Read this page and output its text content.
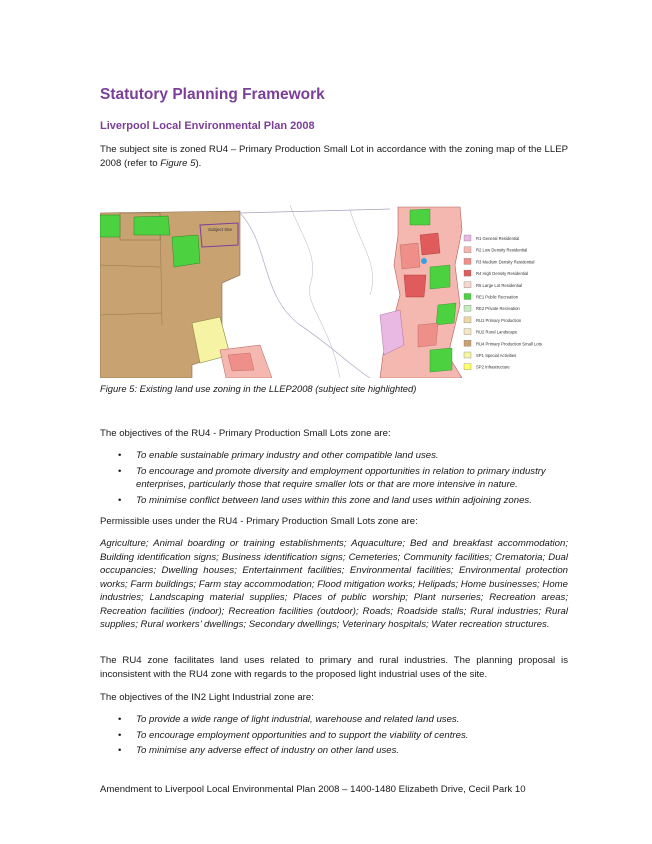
Statutory Planning Framework
Liverpool Local Environmental Plan 2008

The subject site is zoned RU4 – Primary Production Small Lot in accordance with the zoning map of the LLEP 2008 (refer to Figure 5).

Subject Site
R1 General Residential
R2 Low Density Residential
R3 Medium Density Residential
R4 High Density Residential
R5 Large Lot Residential
RE1 Public Recreation
RE2 Private Recreation
RU1 Primary Production
RU2 Rural Landscape
RU4 Primary Production Small Lots
SP1 Special Activities
SP2 Infrastructure

Figure 5: Existing land use zoning in the LLEP2008 (subject site highlighted)

The objectives of the RU4 - Primary Production Small Lots zone are:

• To enable sustainable primary industry and other compatible land uses.
• To encourage and promote diversity and employment opportunities in relation to primary industry enterprises, particularly those that require smaller lots or that are more intensive in nature.
• To minimise conflict between land uses within this zone and land uses within adjoining zones.

Permissible uses under the RU4 - Primary Production Small Lots zone are:

Agriculture; Animal boarding or training establishments; Aquaculture; Bed and breakfast accommodation; Building identification signs; Business identification signs; Cemeteries; Community facilities; Crematoria; Dual occupancies; Dwelling houses; Entertainment facilities; Environmental facilities; Environmental protection works; Farm buildings; Farm stay accommodation; Flood mitigation works; Helipads; Home businesses; Home industries; Landscaping material supplies; Places of public worship; Plant nurseries; Recreation areas; Recreation facilities (indoor); Recreation facilities (outdoor); Roads; Roadside stalls; Rural industries; Rural supplies; Rural workers’ dwellings; Secondary dwellings; Veterinary hospitals; Water recreation structures.

The RU4 zone facilitates land uses related to primary and rural industries. The planning proposal is inconsistent with the RU4 zone with regards to the proposed light industrial uses of the site.

The objectives of the IN2 Light Industrial zone are:

• To provide a wide range of light industrial, warehouse and related land uses.
• To encourage employment opportunities and to support the viability of centres.
• To minimise any adverse effect of industry on other land uses.

Amendment to Liverpool Local Environmental Plan 2008 – 1400-1480 Elizabeth Drive, Cecil Park 10
